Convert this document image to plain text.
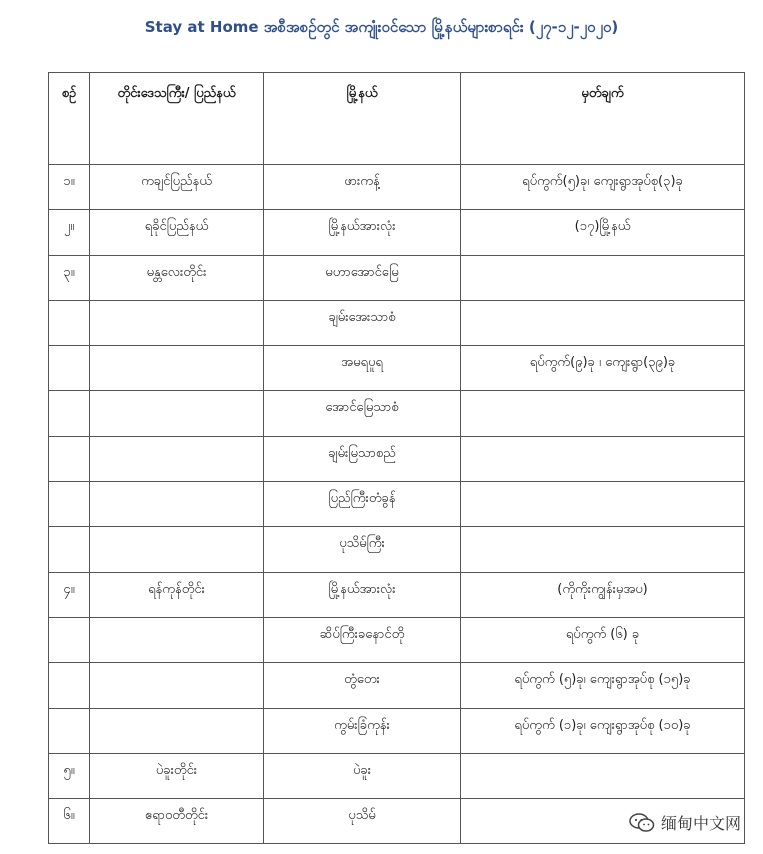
Stay at Home အစီအစဉ်တွင် အကျုံးဝင်သော မြို့နယ်များစာရင်း (၂၇-၁၂-၂၀၂၀)
စဉ်	တိုင်းဒေသကြီး/ ပြည်နယ်	မြို့နယ်	မှတ်ချက်
၁။	ကချင်ပြည်နယ်	ဖားကန့်	ရပ်ကွက်(၅)ခု၊ ကျေးရွာအုပ်စု(၃)ခု
၂။	ရခိုင်ပြည်နယ်	မြို့နယ်အားလုံး	(၁၇)မြို့နယ်
၃။	မန္တလေးတိုင်း	မဟာအောင်မြေ	
		ချမ်းအေးသာစံ	
		အမရပူရ	ရပ်ကွက်(၉)ခု ၊ ကျေးရွာ(၃၉)ခု
		အောင်မြေသာစံ	
		ချမ်းမြသာစည်	
		ပြည်ကြီးတံခွန်	
		ပုသိမ်ကြီး	
၄။	ရန်ကုန်တိုင်း	မြို့နယ်အားလုံး	(ကိုကိုးကျွန်းမှအပ)
		ဆိပ်ကြီးခနောင်တို	ရပ်ကွက် (၆) ခု
		တွံတေး	ရပ်ကွက် (၅)ခု၊ ကျေးရွာအုပ်စု (၁၅)ခု
		ကွမ်းခြံကုန်း	ရပ်ကွက် (၁)ခု၊ ကျေးရွာအုပ်စု (၁၀)ခု
၅။	ပဲခူးတိုင်း	ပဲခူး	
၆။	ဧရာဝတီတိုင်း	ပုသိမ်		缅甸中文网
